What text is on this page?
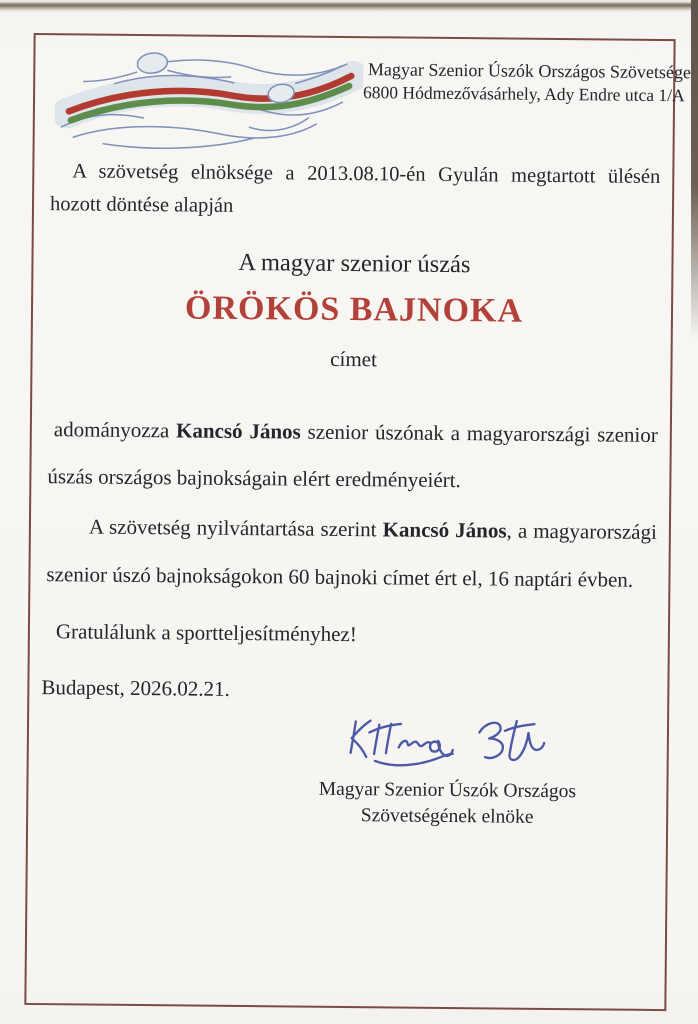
Magyar Szenior Úszók Országos Szövetsége
6800 Hódmezővásárhely, Ady Endre utca 1/A

A szövetség elnöksége a 2013.08.10-én Gyulán megtartott ülésén hozott döntése alapján

A magyar szenior úszás
ÖRÖKÖS BAJNOKA
címet

adományozza Kancsó János szenior úszónak a magyarországi szenior úszás országos bajnokságain elért eredményeiért.

A szövetség nyilvántartása szerint Kancsó János, a magyarországi szenior úszó bajnokságokon 60 bajnoki címet ért el, 16 naptári évben.

Gratulálunk a sportteljesítményhez!

Budapest, 2026.02.21.

Magyar Szenior Úszók Országos
Szövetségének elnöke
